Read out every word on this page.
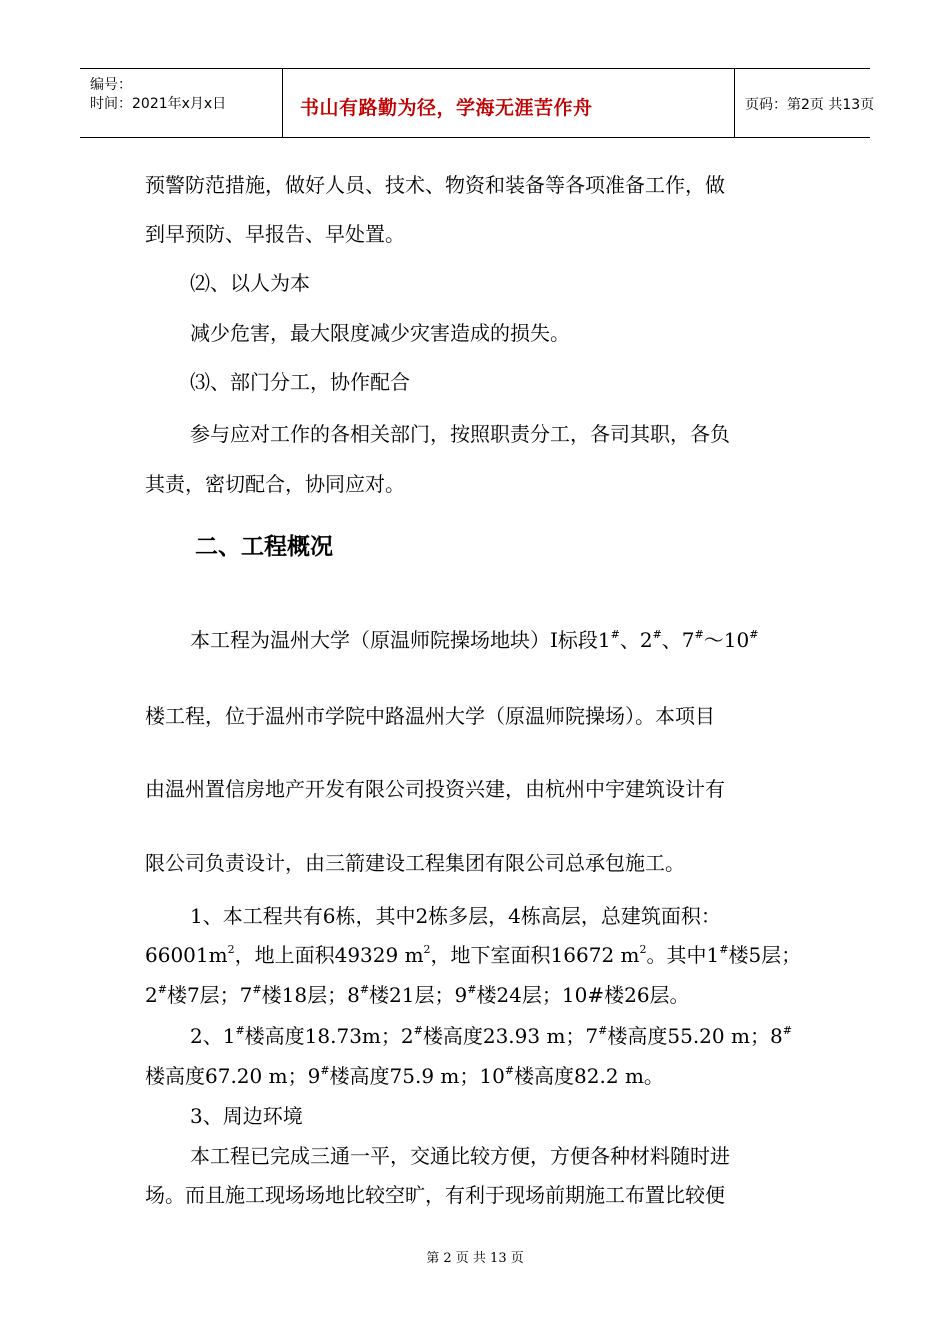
编号：
时间：2021年x月x日	书山有路勤为径，学海无涯苦作舟	页码：第2页 共13页
预警防范措施，做好人员、技术、物资和装备等各项准备工作，做
到早预防、早报告、早处置。
⑵、以人为本
减少危害，最大限度减少灾害造成的损失。
⑶、部门分工，协作配合
参与应对工作的各相关部门，按照职责分工，各司其职，各负
其责，密切配合，协同应对。
二、工程概况
本工程为温州大学（原温师院操场地块）I标段1#、2#、7#～10#
楼工程，位于温州市学院中路温州大学（原温师院操场）。本项目
由温州置信房地产开发有限公司投资兴建，由杭州中宇建筑设计有
限公司负责设计，由三箭建设工程集团有限公司总承包施工。
1、本工程共有6栋，其中2栋多层，4栋高层，总建筑面积：
$66001m^2$，地上面积49329 $m^2$，地下室面积16672 $m^2$。其中1#楼5层；
2#楼7层；7#楼18层；8#楼21层；9#楼24层；10#楼26层。
2、1#楼高度18.73m；2#楼高度23.93 m；7#楼高度55.20 m；8#
楼高度67.20 m；9#楼高度75.9 m；10#楼高度82.2 m。
3、周边环境
本工程已完成三通一平，交通比较方便，方便各种材料随时进
场。而且施工现场场地比较空旷，有利于现场前期施工布置比较便
第 2 页 共 13 页
